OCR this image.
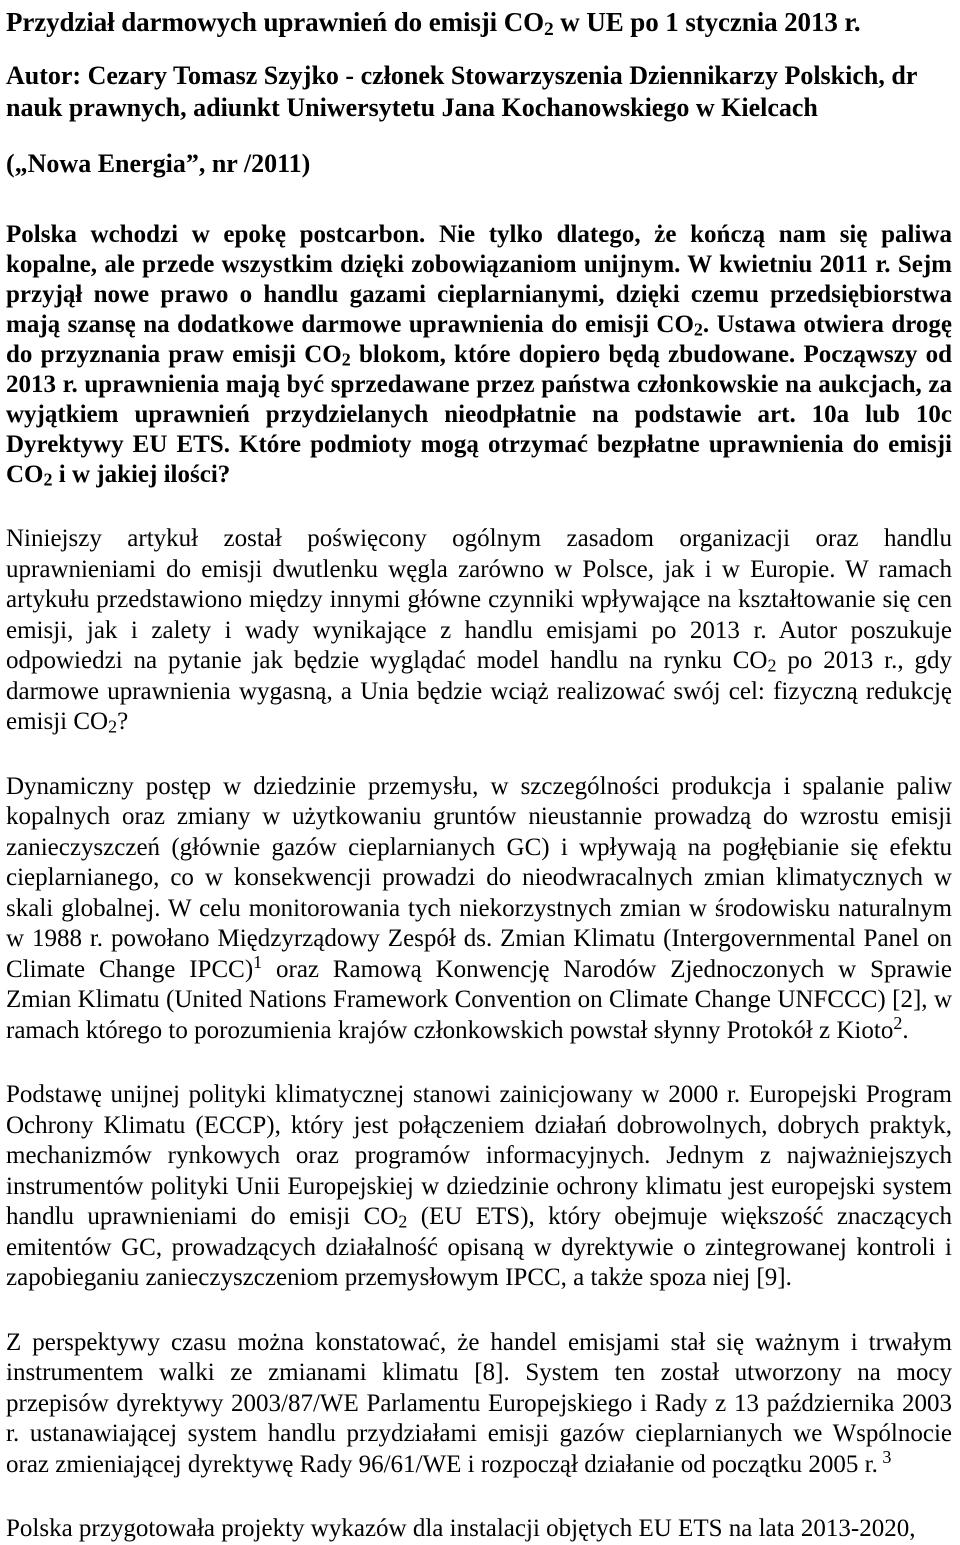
Przydział darmowych uprawnień do emisji $CO_2$ w UE po 1 stycznia 2013 r.

Autor: Cezary Tomasz Szyjko - członek Stowarzyszenia Dziennikarzy Polskich, dr nauk prawnych, adiunkt Uniwersytetu Jana Kochanowskiego w Kielcach

(„Nowa Energia”, nr /2011)

Polska wchodzi w epokę postcarbon. Nie tylko dlatego, że kończą nam się paliwa kopalne, ale przede wszystkim dzięki zobowiązaniom unijnym. W kwietniu 2011 r. Sejm przyjął nowe prawo o handlu gazami cieplarnianymi, dzięki czemu przedsiębiorstwa mają szansę na dodatkowe darmowe uprawnienia do emisji $CO_2$. Ustawa otwiera drogę do przyznania praw emisji $CO_2$ blokom, które dopiero będą zbudowane. Począwszy od 2013 r. uprawnienia mają być sprzedawane przez państwa członkowskie na aukcjach, za wyjątkiem uprawnień przydzielanych nieodpłatnie na podstawie art. 10a lub 10c Dyrektywy EU ETS. Które podmioty mogą otrzymać bezpłatne uprawnienia do emisji $CO_2$ i w jakiej ilości?

Niniejszy artykuł został poświęcony ogólnym zasadom organizacji oraz handlu uprawnieniami do emisji dwutlenku węgla zarówno w Polsce, jak i w Europie. W ramach artykułu przedstawiono między innymi główne czynniki wpływające na kształtowanie się cen emisji, jak i zalety i wady wynikające z handlu emisjami po 2013 r. Autor poszukuje odpowiedzi na pytanie jak będzie wyglądać model handlu na rynku $CO_2$ po 2013 r., gdy darmowe uprawnienia wygasną, a Unia będzie wciąż realizować swój cel: fizyczną redukcję emisji $CO_2$?

Dynamiczny postęp w dziedzinie przemysłu, w szczególności produkcja i spalanie paliw kopalnych oraz zmiany w użytkowaniu gruntów nieustannie prowadzą do wzrostu emisji zanieczyszczeń (głównie gazów cieplarnianych GC) i wpływają na pogłębianie się efektu cieplarnianego, co w konsekwencji prowadzi do nieodwracalnych zmian klimatycznych w skali globalnej. W celu monitorowania tych niekorzystnych zmian w środowisku naturalnym w 1988 r. powołano Międzyrządowy Zespół ds. Zmian Klimatu (Intergovernmental Panel on Climate Change IPCC)$^1$ oraz Ramową Konwencję Narodów Zjednoczonych w Sprawie Zmian Klimatu (United Nations Framework Convention on Climate Change UNFCCC) [2], w ramach którego to porozumienia krajów członkowskich powstał słynny Protokół z Kioto$^2$.

Podstawę unijnej polityki klimatycznej stanowi zainicjowany w 2000 r. Europejski Program Ochrony Klimatu (ECCP), który jest połączeniem działań dobrowolnych, dobrych praktyk, mechanizmów rynkowych oraz programów informacyjnych. Jednym z najważniejszych instrumentów polityki Unii Europejskiej w dziedzinie ochrony klimatu jest europejski system handlu uprawnieniami do emisji $CO_2$ (EU ETS), który obejmuje większość znaczących emitentów GC, prowadzących działalność opisaną w dyrektywie o zintegrowanej kontroli i zapobieganiu zanieczyszczeniom przemysłowym IPCC, a także spoza niej [9].

Z perspektywy czasu można konstatować, że handel emisjami stał się ważnym i trwałym instrumentem walki ze zmianami klimatu [8]. System ten został utworzony na mocy przepisów dyrektywy 2003/87/WE Parlamentu Europejskiego i Rady z 13 października 2003 r. ustanawiającej system handlu przydziałami emisji gazów cieplarnianych we Wspólnocie oraz zmieniającej dyrektywę Rady 96/61/WE i rozpoczął działanie od początku 2005 r. $^3$

Polska przygotowała projekty wykazów dla instalacji objętych EU ETS na lata 2013-2020,
